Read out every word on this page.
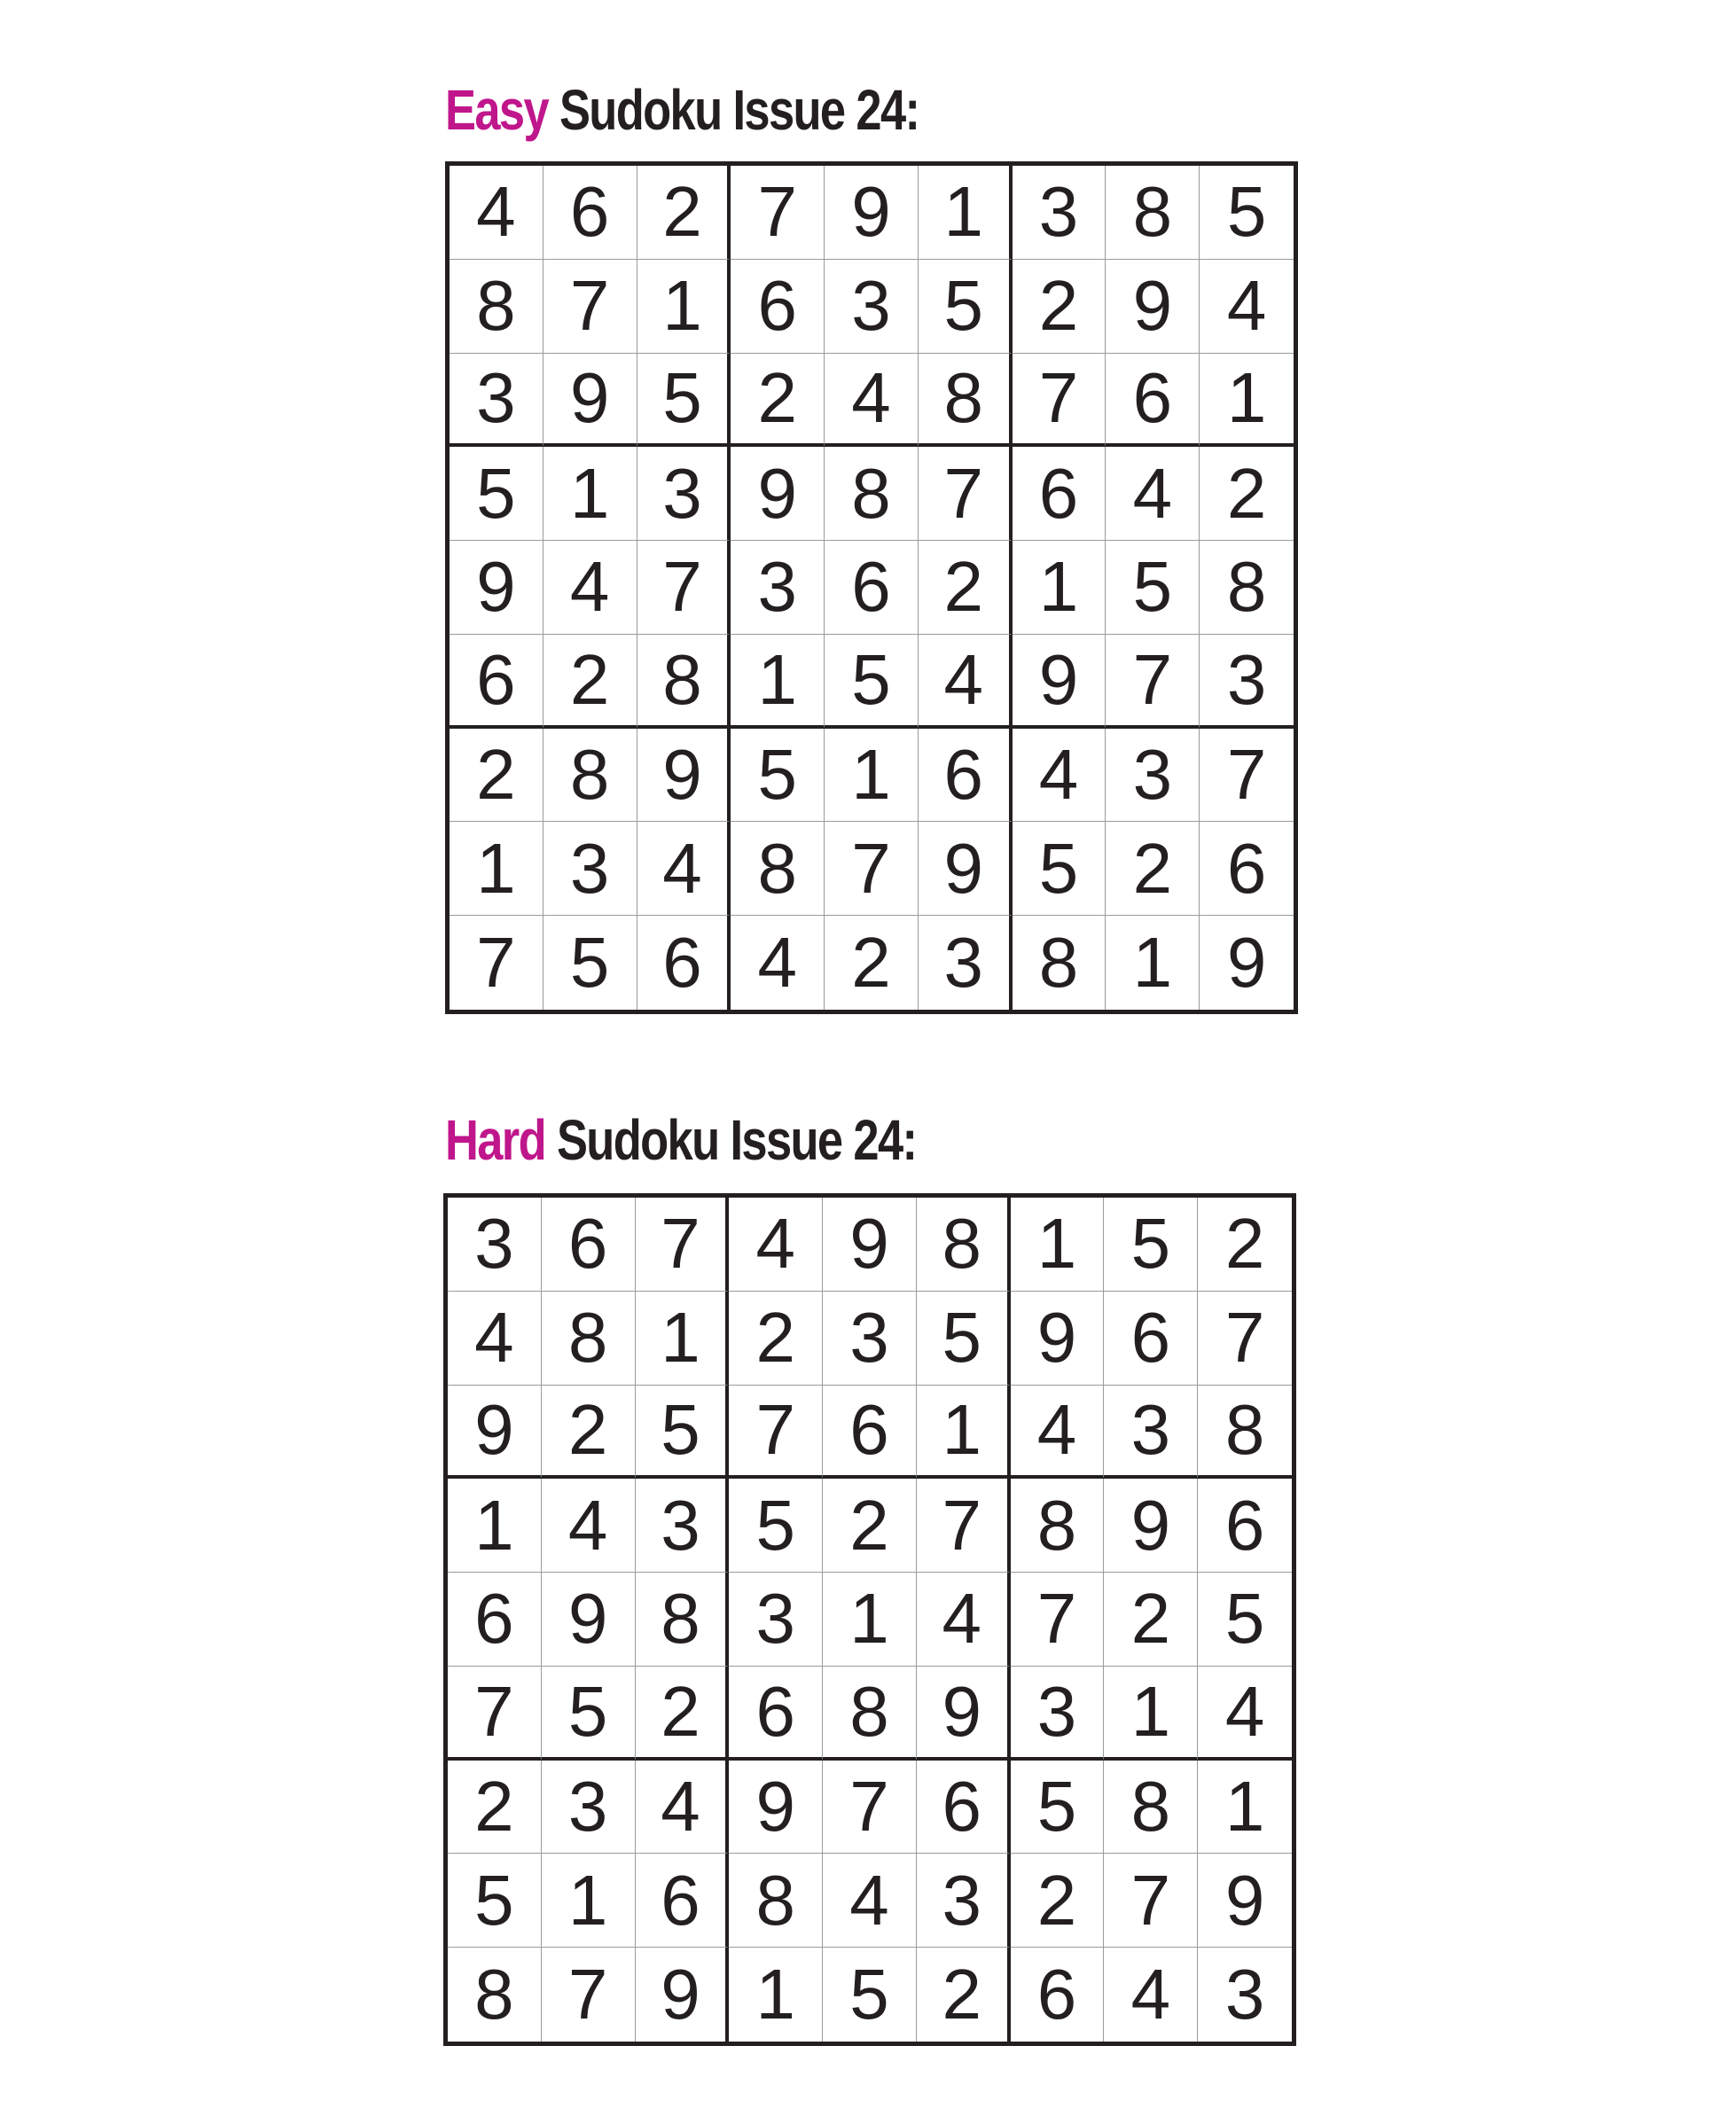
Easy Sudoku Issue 24:
4 6 2 7 9 1 3 8 5
8 7 1 6 3 5 2 9 4
3 9 5 2 4 8 7 6 1
5 1 3 9 8 7 6 4 2
9 4 7 3 6 2 1 5 8
6 2 8 1 5 4 9 7 3
2 8 9 5 1 6 4 3 7
1 3 4 8 7 9 5 2 6
7 5 6 4 2 3 8 1 9
Hard Sudoku Issue 24:
3 6 7 4 9 8 1 5 2
4 8 1 2 3 5 9 6 7
9 2 5 7 6 1 4 3 8
1 4 3 5 2 7 8 9 6
6 9 8 3 1 4 7 2 5
7 5 2 6 8 9 3 1 4
2 3 4 9 7 6 5 8 1
5 1 6 8 4 3 2 7 9
8 7 9 1 5 2 6 4 3
